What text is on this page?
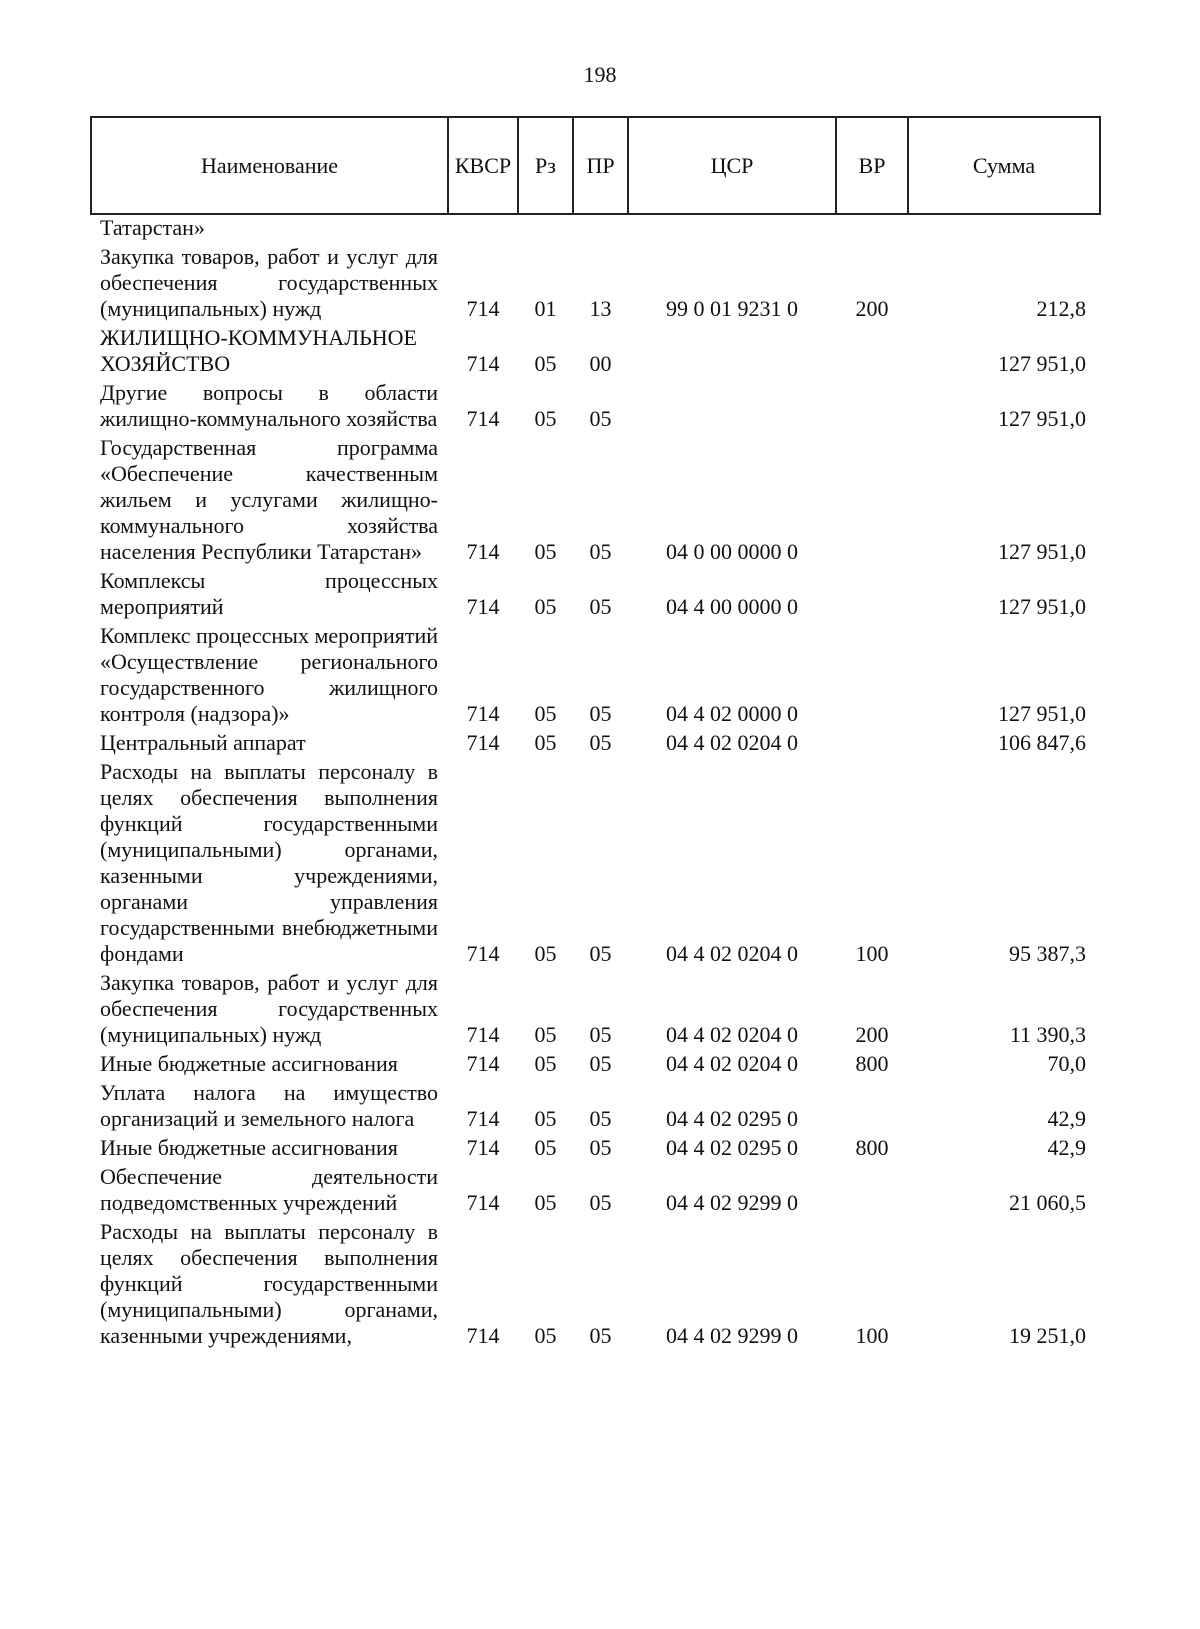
198
Наименование	КВСР	Рз	ПР	ЦСР	ВР	Сумма
Татарстан»						
Закупка товаров, работ и услуг для обеспечения государственных (муниципальных) нужд	714	01	13	99 0 01 9231 0	200	212,8
ЖИЛИЩНО-КОММУНАЛЬНОЕ ХОЗЯЙСТВО	714	05	00			127 951,0
Другие вопросы в области жилищно-коммунального хозяйства	714	05	05			127 951,0
Государственная программа «Обеспечение качественным жильем и услугами жилищно-коммунального хозяйства населения Республики Татарстан»	714	05	05	04 0 00 0000 0		127 951,0
Комплексы процессных мероприятий	714	05	05	04 4 00 0000 0		127 951,0
Комплекс процессных мероприятий «Осуществление регионального государственного жилищного контроля (надзора)»	714	05	05	04 4 02 0000 0		127 951,0
Центральный аппарат	714	05	05	04 4 02 0204 0		106 847,6
Расходы на выплаты персоналу в целях обеспечения выполнения функций государственными (муниципальными) органами, казенными учреждениями, органами управления государственными внебюджетными фондами	714	05	05	04 4 02 0204 0	100	95 387,3
Закупка товаров, работ и услуг для обеспечения государственных (муниципальных) нужд	714	05	05	04 4 02 0204 0	200	11 390,3
Иные бюджетные ассигнования	714	05	05	04 4 02 0204 0	800	70,0
Уплата налога на имущество организаций и земельного налога	714	05	05	04 4 02 0295 0		42,9
Иные бюджетные ассигнования	714	05	05	04 4 02 0295 0	800	42,9
Обеспечение деятельности подведомственных учреждений	714	05	05	04 4 02 9299 0		21 060,5
Расходы на выплаты персоналу в целях обеспечения выполнения функций государственными (муниципальными) органами, казенными учреждениями,	714	05	05	04 4 02 9299 0	100	19 251,0
